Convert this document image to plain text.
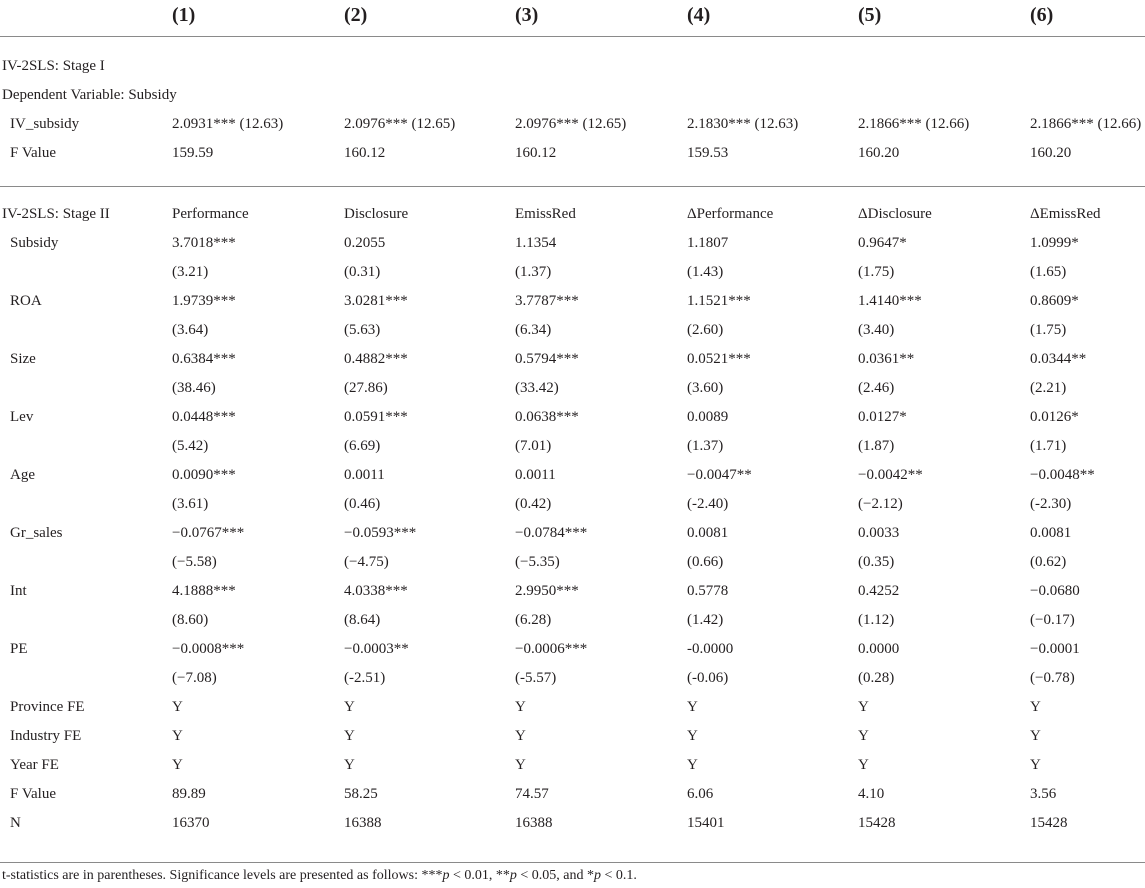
(1)	(2)	(3)	(4)	(5)	(6)
IV-2SLS: Stage I
Dependent Variable: Subsidy
IV_subsidy	2.0931*** (12.63)	2.0976*** (12.65)	2.0976*** (12.65)	2.1830*** (12.63)	2.1866*** (12.66)	2.1866*** (12.66)
F Value	159.59	160.12	160.12	159.53	160.20	160.20
IV-2SLS: Stage II	Performance	Disclosure	EmissRed	ΔPerformance	ΔDisclosure	ΔEmissRed
Subsidy	3.7018***	0.2055	1.1354	1.1807	0.9647*	1.0999*
(3.21)	(0.31)	(1.37)	(1.43)	(1.75)	(1.65)
ROA	1.9739***	3.0281***	3.7787***	1.1521***	1.4140***	0.8609*
(3.64)	(5.63)	(6.34)	(2.60)	(3.40)	(1.75)
Size	0.6384***	0.4882***	0.5794***	0.0521***	0.0361**	0.0344**
(38.46)	(27.86)	(33.42)	(3.60)	(2.46)	(2.21)
Lev	0.0448***	0.0591***	0.0638***	0.0089	0.0127*	0.0126*
(5.42)	(6.69)	(7.01)	(1.37)	(1.87)	(1.71)
Age	0.0090***	0.0011	0.0011	−0.0047**	−0.0042**	−0.0048**
(3.61)	(0.46)	(0.42)	(-2.40)	(−2.12)	(-2.30)
Gr_sales	−0.0767***	−0.0593***	−0.0784***	0.0081	0.0033	0.0081
(−5.58)	(−4.75)	(−5.35)	(0.66)	(0.35)	(0.62)
Int	4.1888***	4.0338***	2.9950***	0.5778	0.4252	−0.0680
(8.60)	(8.64)	(6.28)	(1.42)	(1.12)	(−0.17)
PE	−0.0008***	−0.0003**	−0.0006***	-0.0000	0.0000	−0.0001
(−7.08)	(-2.51)	(-5.57)	(-0.06)	(0.28)	(−0.78)
Province FE	Y	Y	Y	Y	Y	Y
Industry FE	Y	Y	Y	Y	Y	Y
Year FE	Y	Y	Y	Y	Y	Y
F Value	89.89	58.25	74.57	6.06	4.10	3.56
N	16370	16388	16388	15401	15428	15428
t-statistics are in parentheses. Significance levels are presented as follows: ***p < 0.01, **p < 0.05, and *p < 0.1.
